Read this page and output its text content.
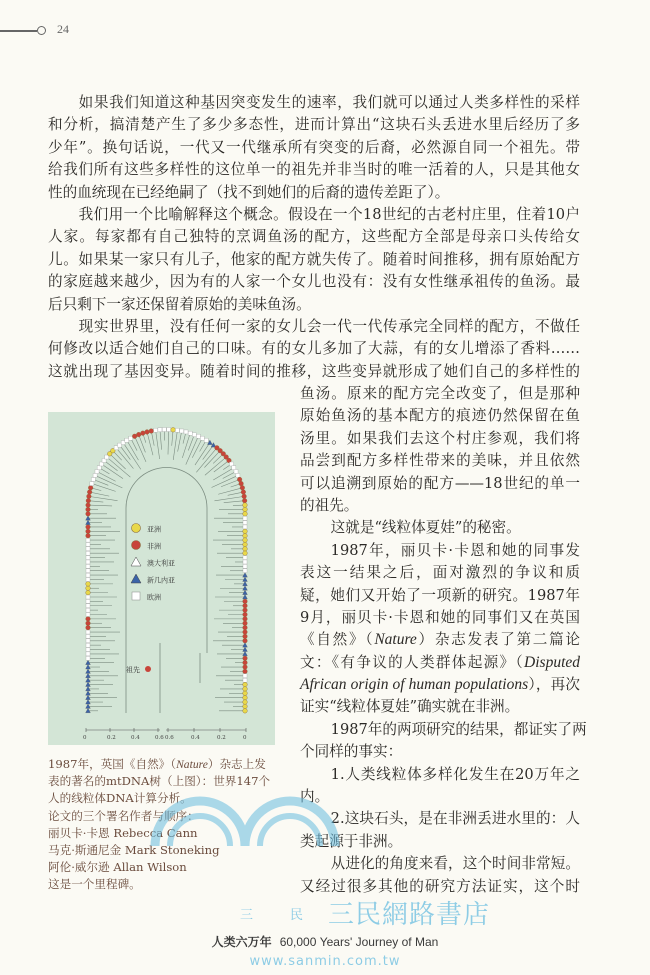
24
如果我们知道这种基因突变发生的速率，我们就可以通过人类多样性的采样
和分析，搞清楚产生了多少多态性，进而计算出“这块石头丢进水里后经历了多
少年”。换句话说，一代又一代继承所有突变的后裔，必然源自同一个祖先。带
给我们所有这些多样性的这位单一的祖先并非当时的唯一活着的人，只是其他女
性的血统现在已经绝嗣了（找不到她们的后裔的遗传差距了）。
我们用一个比喻解释这个概念。假设在一个18世纪的古老村庄里，住着10户
人家。每家都有自己独特的烹调鱼汤的配方，这些配方全部是母亲口头传给女
儿。如果某一家只有儿子，他家的配方就失传了。随着时间推移，拥有原始配方
的家庭越来越少，因为有的人家一个女儿也没有：没有女性继承祖传的鱼汤。最
后只剩下一家还保留着原始的美味鱼汤。
现实世界里，没有任何一家的女儿会一代一代传承完全同样的配方，不做任
何修改以适合她们自己的口味。有的女儿多加了大蒜，有的女儿增添了香料……
这就出现了基因变异。随着时间的推移，这些变异就形成了她们自己的多样性的
鱼汤。原来的配方完全改变了，但是那种
原始鱼汤的基本配方的痕迹仍然保留在鱼
汤里。如果我们去这个村庄参观，我们将
品尝到配方多样性带来的美味，并且依然
可以追溯到原始的配方——18世纪的单一
的祖先。
这就是“线粒体夏娃”的秘密。
1987年，丽贝卡·卡恩和她的同事发
表这一结果之后，面对激烈的争议和质
疑，她们又开始了一项新的研究。1987年
9月，丽贝卡·卡恩和她的同事们又在英国
《自然》（Nature）杂志发表了第二篇论
文：《有争议的人类群体起源》（Disputed
African origin of human populations），再次
证实“线粒体夏娃”确实就在非洲。
1987年的两项研究的结果，都证实了两
个同样的事实：
1.人类线粒体多样化发生在20万年之
内。
2.这块石头，是在非洲丢进水里的：人
类起源于非洲。
从进化的角度来看，这个时间非常短。
又经过很多其他的研究方法证实，这个时
亚洲
非洲
澳大利亚
新几内亚
欧洲
祖先
0	0.2	0.4	0.6 0.6	0.4	0.2	0
1987年，英国《自然》（Nature）杂志上发
表的著名的mtDNA树（上图）：世界147个
人的线粒体DNA计算分析。
论文的三个署名作者与顺序：
丽贝卡·卡恩 Rebecca Cann
马克·斯通尼金 Mark Stoneking
阿伦·威尔逊 Allan Wilson
这是一个里程碑。
三	民 三民網路書店
www.sanmin.com.tw
人类六万年 60,000 Years' Journey of Man
